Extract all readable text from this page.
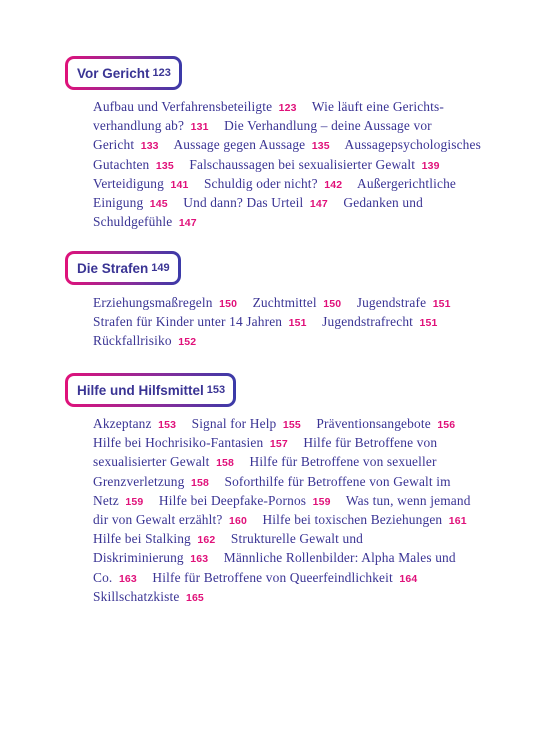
Vor Gericht 123
Aufbau und Verfahrensbeteiligte 123 Wie läuft eine Gerichtsverhandlung ab? 131 Die Verhandlung – deine Aussage vor Gericht 133 Aussage gegen Aussage 135 Aussagepsychologisches Gutachten 135 Falschaussagen bei sexualisierter Gewalt 139 Verteidigung 141 Schuldig oder nicht? 142 Außergerichtliche Einigung 145 Und dann? Das Urteil 147 Gedanken und Schuldgefühle 147
Die Strafen 149
Erziehungsmaßregeln 150 Zuchtmittel 150 Jugendstrafe 151 Strafen für Kinder unter 14 Jahren 151 Jugendstrafrecht 151 Rückfallrisiko 152
Hilfe und Hilfsmittel 153
Akzeptanz 153 Signal for Help 155 Präventionsangebote 156 Hilfe bei Hochrisiko-Fantasien 157 Hilfe für Betroffene von sexualisierter Gewalt 158 Hilfe für Betroffene von sexueller Grenzverletzung 158 Soforthilfe für Betroffene von Gewalt im Netz 159 Hilfe bei Deepfake-Pornos 159 Was tun, wenn jemand dir von Gewalt erzählt? 160 Hilfe bei toxischen Beziehungen 161 Hilfe bei Stalking 162 Strukturelle Gewalt und Diskriminierung 163 Männliche Rollenbilder: Alpha Males und Co. 163 Hilfe für Betroffene von Queerfeindlichkeit 164 Skillschatzkiste 165
